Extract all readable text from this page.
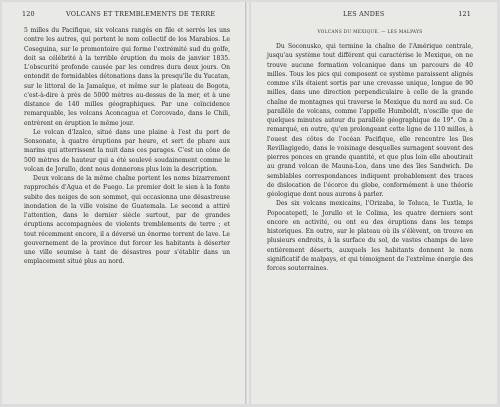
120	VOLCANS ET TREMBLEMENTS DE TERRE

5 milles du Pacifique, six volcans rangés en file et serrés les uns contre les autres, qui portent le nom collectif de los Marabios. Le Coseguina, sur le promontoire qui forme l'extrémité sud du golfe, doit sa célébrité à la terrible éruption du mois de janvier 1835. L'obscurité profonde causée par les cendres dura deux jours. On entendit de formidables détonations dans la presqu'île du Yucatan, sur le littoral de la Jamaïque, et même sur le plateau de Bogota, c'est-à-dire à près de 5000 mètres au-dessus de la mer, et à une distance de 140 milles géographiques. Par une coïncidence remarquable, les volcans Aconcagua et Corcovado, dans le Chili, entrèrent en éruption le même jour.

Le volcan d'Izalco, situé dans une plaine à l'est du port de Sonsonate, à quatre éruptions par heure, et sert de phare aux marins qui atterrissent la nuit dans ces parages. C'est un cône de 500 mètres de hauteur qui a été soulevé soudainement comme le volcan de Jorullo, dont nous donnerons plus loin la description.

Deux volcans de la même chaîne portent les noms bizarrement rapprochés d'Agua et de Fuego. Le premier doit le sien à la fonte subite des neiges de son sommet, qui occasionna une désastreuse inondation de la ville voisine de Guatemala. Le second a attiré l'attention, dans le dernier siècle surtout, par de grandes éruptions accompagnées de violents tremblements de terre ; et tout récemment encore, il a déversé un énorme torrent de lave. Le gouvernement de la province dut forcer les habitants à déserter une ville soumise à tant de désastres pour s'établir dans un emplacement situé plus au nord.

LES ANDES	121
VOLCANS DU MEXIQUE. — LES MALPAYS

Du Soconusko, qui termine la chaîne de l'Amérique centrale, jusqu'au système tout différent qui caractérise le Mexique, on ne trouve aucune formation volcanique dans un parcours de 40 milles. Tous les pics qui composent ce système paraissent alignés comme s'ils étaient sortis par une crevasse unique, longue de 90 milles, dans une direction perpendiculaire à celle de la grande chaîne de montagnes qui traverse le Mexique du nord au sud. Ce parallèle de volcans, comme l'appelle Humboldt, n'oscille que de quelques minutes autour du parallèle géographique de 19°. On a remarqué, en outre, qu'en prolongeant cette ligne de 110 milles, à l'ouest des côtes de l'océan Pacifique, elle rencontre les îles Revillagigedo, dans le voisinage desquelles surnagent souvent des pierres ponces en grande quantité, et que plus loin elle aboutirait au grand volcan de Mauna-Loa, dans une des îles Sandwich. De semblables correspondances indiquent probablement des traces de dislocation de l'écorce du globe, conformément à une théorie géologique dont nous aurons à parler.

Des six volcans mexicains, l'Orizaba, le Toluca, le Tuxtla, le Popocatepetl, le Jorullo et le Colima, les quatre derniers sont encore en activité, ou ont eu des éruptions dans les temps historiques. En outre, sur le plateau où ils s'élèvent, on trouve en plusieurs endroits, à la surface du sol, de vastes champs de lave entièrement déserts, auxquels les habitants donnent le nom significatif de malpays, et qui témoignent de l'extrême énergie des forces souterraines.
